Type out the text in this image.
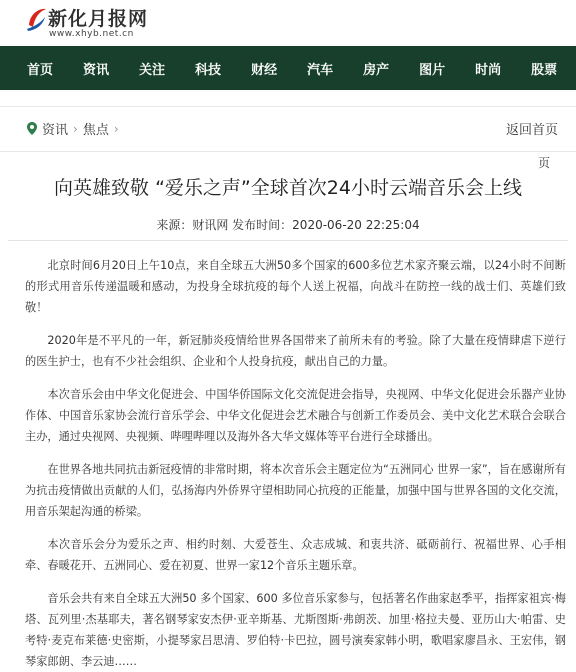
新化月报网
www.xhyb.net.cn
首页 资讯 关注 科技 财经 汽车 房产 图片 时尚 股票
资讯 › 焦点 ›	返回首页
页
向英雄致敬 “爱乐之声”全球首次24小时云端音乐会上线
来源：财讯网 发布时间：2020-06-20 22:25:04

北京时间6月20日上午10点，来自全球五大洲50多个国家的600多位艺术家齐聚云端，以24小时不间断的形式用音乐传递温暖和感动，为投身全球抗疫的每个人送上祝福，向战斗在防控一线的战士们、英雄们致敬！

2020年是不平凡的一年，新冠肺炎疫情给世界各国带来了前所未有的考验。除了大量在疫情肆虐下逆行的医生护士，也有不少社会组织、企业和个人投身抗疫，献出自己的力量。

本次音乐会由中华文化促进会、中国华侨国际文化交流促进会指导，央视网、中华文化促进会乐器产业协作体、中国音乐家协会流行音乐学会、中华文化促进会艺术融合与创新工作委员会、美中文化艺术联合会联合主办，通过央视网、央视频、哔哩哔哩以及海外各大华文媒体等平台进行全球播出。

在世界各地共同抗击新冠疫情的非常时期，将本次音乐会主题定位为“五洲同心 世界一家”，旨在感谢所有为抗击疫情做出贡献的人们，弘扬海内外侨界守望相助同心抗疫的正能量，加强中国与世界各国的文化交流，用音乐架起沟通的桥梁。

本次音乐会分为爱乐之声、相约时刻、大爱苍生、众志成城、和衷共济、砥砺前行、祝福世界、心手相牵、春暖花开、五洲同心、爱在初夏、世界一家12个音乐主题乐章。

音乐会共有来自全球五大洲50 多个国家、600 多位音乐家参与，包括著名作曲家赵季平，指挥家祖宾·梅塔、瓦列里·杰基耶夫，著名钢琴家安杰伊·亚辛斯基、尤斯图斯·弗朗茨、加里·格拉夫曼、亚历山大·帕雷、史考特·麦克布莱德·史密斯，小提琴家吕思清、罗伯特·卡巴拉，圆号演奏家韩小明，歌唱家廖昌永、王宏伟，钢琴家郎朗、李云迪……
